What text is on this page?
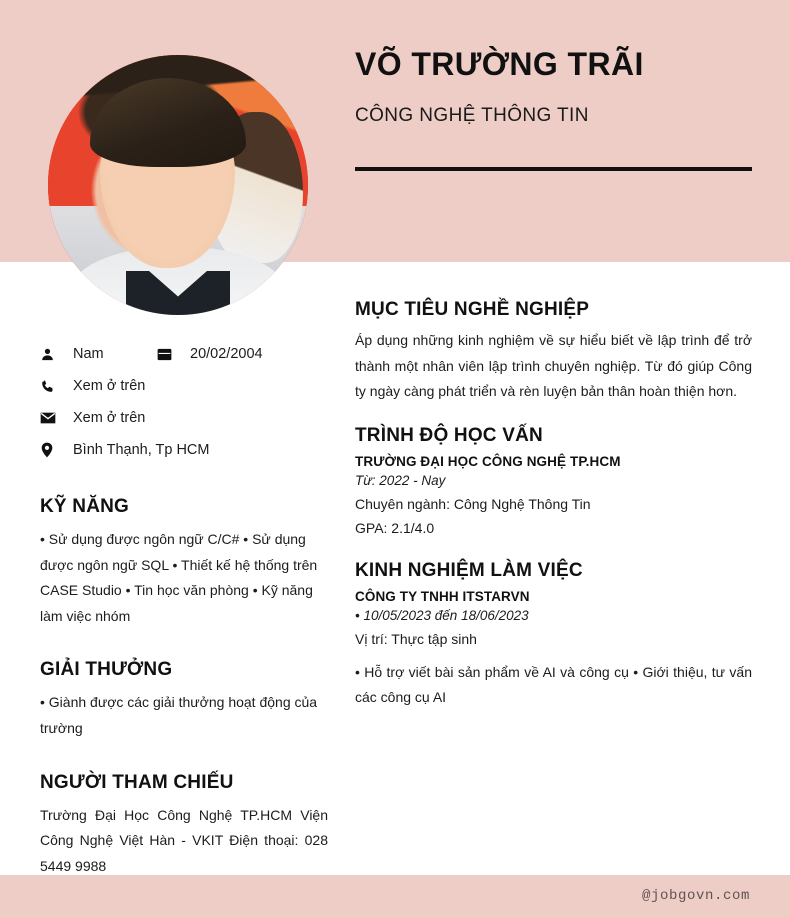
VÕ TRƯỜNG TRÃI
CÔNG NGHỆ THÔNG TIN
Nam	20/02/2004
Xem ở trên
Xem ở trên
Bình Thạnh, Tp HCM
KỸ NĂNG
• Sử dụng được ngôn ngữ C/C# • Sử dụng được ngôn ngữ SQL • Thiết kế hệ thống trên CASE Studio • Tin học văn phòng • Kỹ năng làm việc nhóm
GIẢI THƯỞNG
• Giành được các giải thưởng hoạt động của trường
NGƯỜI THAM CHIẾU
Trường Đại Học Công Nghệ TP.HCM Viện Công Nghệ Việt Hàn - VKIT Điện thoại: 028 5449 9988
MỤC TIÊU NGHỀ NGHIỆP
Áp dụng những kinh nghiệm về sự hiểu biết về lập trình để trở thành một nhân viên lập trình chuyên nghiệp. Từ đó giúp Công ty ngày càng phát triển và rèn luyện bản thân hoàn thiện hơn.
TRÌNH ĐỘ HỌC VẤN
TRƯỜNG ĐẠI HỌC CÔNG NGHỆ TP.HCM
Từ: 2022 - Nay
Chuyên ngành: Công Nghệ Thông Tin
GPA: 2.1/4.0
KINH NGHIỆM LÀM VIỆC
CÔNG TY TNHH ITSTARVN
• 10/05/2023 đến 18/06/2023
Vị trí: Thực tập sinh
• Hỗ trợ viết bài sản phẩm về AI và công cụ • Giới thiệu, tư vấn các công cụ AI
@jobgovn.com
